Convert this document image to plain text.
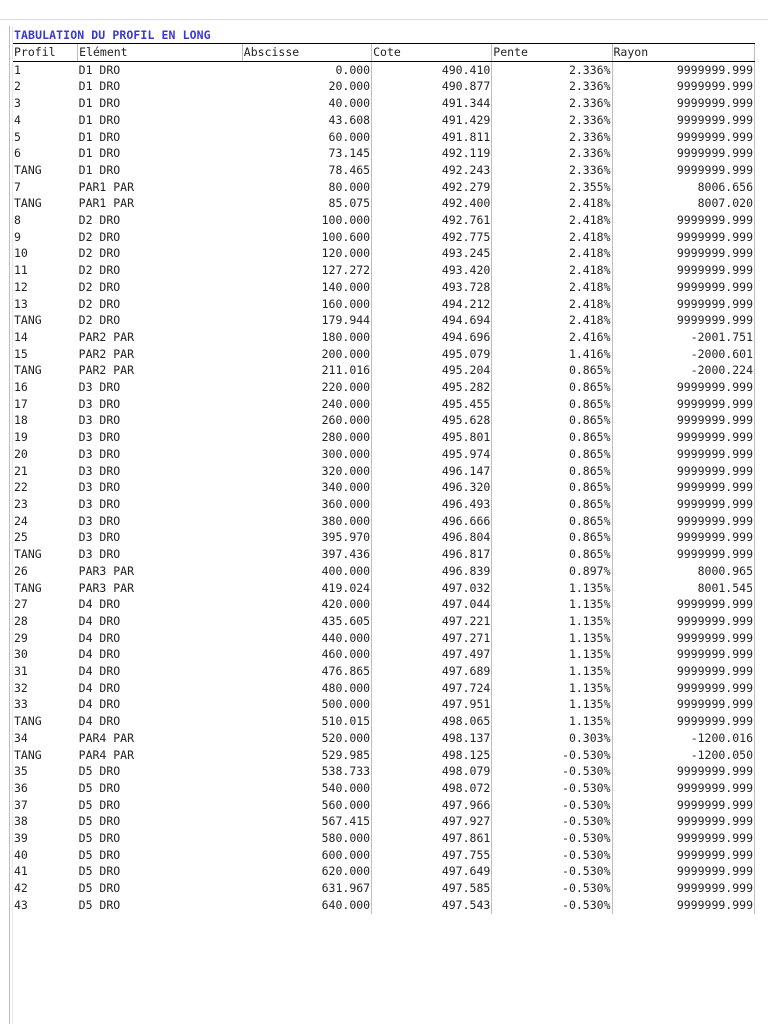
TABULATION DU PROFIL EN LONG
Profil	Elément	Abscisse	Cote	Pente	Rayon
1	D1 DRO	0.000	490.410	2.336%	9999999.999
2	D1 DRO	20.000	490.877	2.336%	9999999.999
3	D1 DRO	40.000	491.344	2.336%	9999999.999
4	D1 DRO	43.608	491.429	2.336%	9999999.999
5	D1 DRO	60.000	491.811	2.336%	9999999.999
6	D1 DRO	73.145	492.119	2.336%	9999999.999
TANG	D1 DRO	78.465	492.243	2.336%	9999999.999
7	PAR1 PAR	80.000	492.279	2.355%	8006.656
TANG	PAR1 PAR	85.075	492.400	2.418%	8007.020
8	D2 DRO	100.000	492.761	2.418%	9999999.999
9	D2 DRO	100.600	492.775	2.418%	9999999.999
10	D2 DRO	120.000	493.245	2.418%	9999999.999
11	D2 DRO	127.272	493.420	2.418%	9999999.999
12	D2 DRO	140.000	493.728	2.418%	9999999.999
13	D2 DRO	160.000	494.212	2.418%	9999999.999
TANG	D2 DRO	179.944	494.694	2.418%	9999999.999
14	PAR2 PAR	180.000	494.696	2.416%	-2001.751
15	PAR2 PAR	200.000	495.079	1.416%	-2000.601
TANG	PAR2 PAR	211.016	495.204	0.865%	-2000.224
16	D3 DRO	220.000	495.282	0.865%	9999999.999
17	D3 DRO	240.000	495.455	0.865%	9999999.999
18	D3 DRO	260.000	495.628	0.865%	9999999.999
19	D3 DRO	280.000	495.801	0.865%	9999999.999
20	D3 DRO	300.000	495.974	0.865%	9999999.999
21	D3 DRO	320.000	496.147	0.865%	9999999.999
22	D3 DRO	340.000	496.320	0.865%	9999999.999
23	D3 DRO	360.000	496.493	0.865%	9999999.999
24	D3 DRO	380.000	496.666	0.865%	9999999.999
25	D3 DRO	395.970	496.804	0.865%	9999999.999
TANG	D3 DRO	397.436	496.817	0.865%	9999999.999
26	PAR3 PAR	400.000	496.839	0.897%	8000.965
TANG	PAR3 PAR	419.024	497.032	1.135%	8001.545
27	D4 DRO	420.000	497.044	1.135%	9999999.999
28	D4 DRO	435.605	497.221	1.135%	9999999.999
29	D4 DRO	440.000	497.271	1.135%	9999999.999
30	D4 DRO	460.000	497.497	1.135%	9999999.999
31	D4 DRO	476.865	497.689	1.135%	9999999.999
32	D4 DRO	480.000	497.724	1.135%	9999999.999
33	D4 DRO	500.000	497.951	1.135%	9999999.999
TANG	D4 DRO	510.015	498.065	1.135%	9999999.999
34	PAR4 PAR	520.000	498.137	0.303%	-1200.016
TANG	PAR4 PAR	529.985	498.125	-0.530%	-1200.050
35	D5 DRO	538.733	498.079	-0.530%	9999999.999
36	D5 DRO	540.000	498.072	-0.530%	9999999.999
37	D5 DRO	560.000	497.966	-0.530%	9999999.999
38	D5 DRO	567.415	497.927	-0.530%	9999999.999
39	D5 DRO	580.000	497.861	-0.530%	9999999.999
40	D5 DRO	600.000	497.755	-0.530%	9999999.999
41	D5 DRO	620.000	497.649	-0.530%	9999999.999
42	D5 DRO	631.967	497.585	-0.530%	9999999.999
43	D5 DRO	640.000	497.543	-0.530%	9999999.999
